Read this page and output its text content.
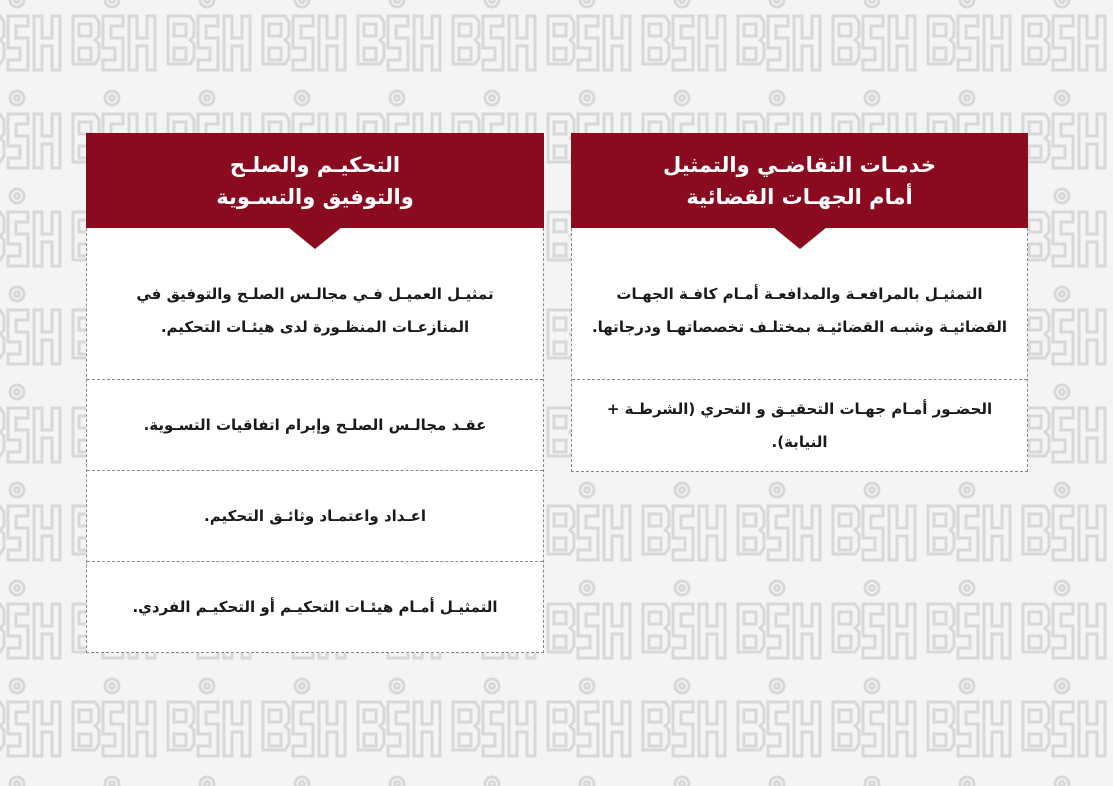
خدمـات التقاضـي والتمثيل
أمام الجهـات القضائية
التمثيـل بالمرافعـة والمدافعـة أمـام كافـة الجهـات القضائيـة وشبـه القضائيـة بمختلـف تخصصاتهـا ودرجاتها.
الحضـور أمـام جهـات التحقيـق و التحري (الشرطـة + النيابة).
التحكيـم والصلـح
والتوفيق والتسـوية
تمثيـل العميـل فـي مجالـس الصلـح والتوفيق في المنازعـات المنظـورة لدى هيئـات التحكيم.
عقـد مجالـس الصلـح وإبرام اتفاقيات التسـوية.
اعـداد واعتمـاد وثائـق التحكيم.
التمثيـل أمـام هيئـات التحكيـم أو التحكيـم الفردي.
